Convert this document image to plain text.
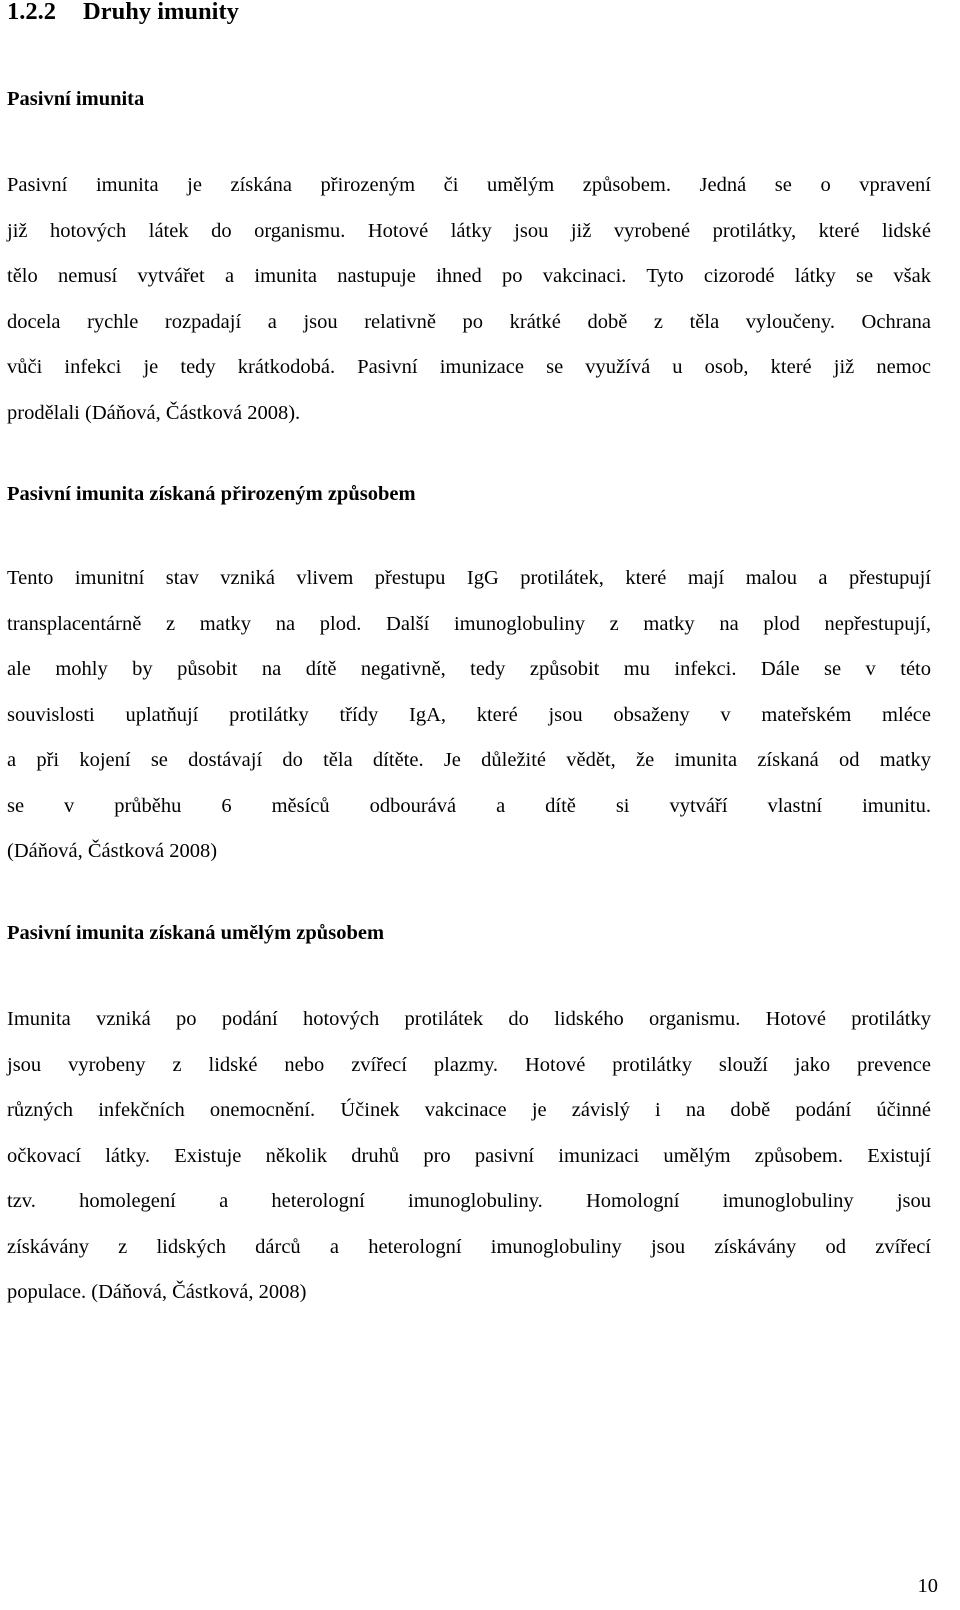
1.2.2 Druhy imunity
Pasivní imunita
Pasivní imunita je získána přirozeným či umělým způsobem. Jedná se o vpravení
již hotových látek do organismu. Hotové látky jsou již vyrobené protilátky, které lidské
tělo nemusí vytvářet a imunita nastupuje ihned po vakcinaci. Tyto cizorodé látky se však
docela rychle rozpadají a jsou relativně po krátké době z těla vyloučeny. Ochrana
vůči infekci je tedy krátkodobá. Pasivní imunizace se využívá u osob, které již nemoc
prodělali (Dáňová, Částková 2008).
Pasivní imunita získaná přirozeným způsobem
Tento imunitní stav vzniká vlivem přestupu IgG protilátek, které mají malou a přestupují
transplacentárně z matky na plod. Další imunoglobuliny z matky na plod nepřestupují,
ale mohly by působit na dítě negativně, tedy způsobit mu infekci. Dále se v této
souvislosti uplatňují protilátky třídy IgA, které jsou obsaženy v mateřském mléce
a při kojení se dostávají do těla dítěte. Je důležité vědět, že imunita získaná od matky
se v průběhu 6 měsíců odbourává a dítě si vytváří vlastní imunitu.
(Dáňová, Částková 2008)
Pasivní imunita získaná umělým způsobem
Imunita vzniká po podání hotových protilátek do lidského organismu. Hotové protilátky
jsou vyrobeny z lidské nebo zvířecí plazmy. Hotové protilátky slouží jako prevence
různých infekčních onemocnění. Účinek vakcinace je závislý i na době podání účinné
očkovací látky. Existuje několik druhů pro pasivní imunizaci umělým způsobem. Existují
tzv. homolegení a heterologní imunoglobuliny. Homologní imunoglobuliny jsou
získávány z lidských dárců a heterologní imunoglobuliny jsou získávány od zvířecí
populace. (Dáňová, Částková, 2008)
10
